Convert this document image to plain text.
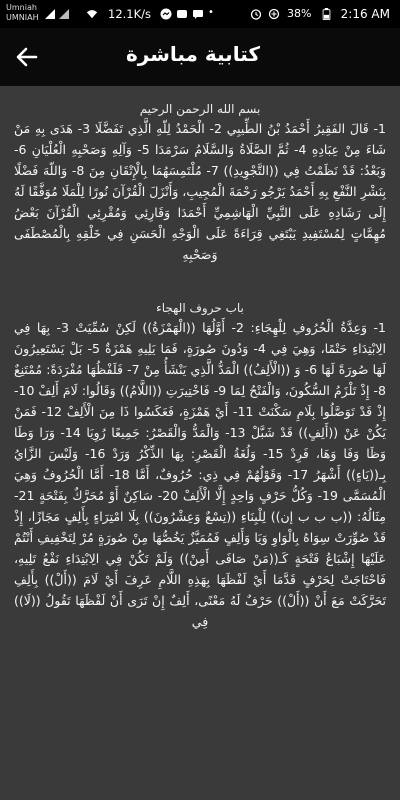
Umniah
UMNIAH	12.1K/s	•	38% 2:16 AM
كتابية مباشرة
بسم الله الرحمن الرحيم
1- قَالَ الفَقِيرُ أَحْمَدُ بْنُ الطِّيبِي 2- الْحَمْدُ لِلّهِ الَّذِي تَفَضَّلَا 3- هَدَى بِهِ مَنْ شَاءَ مِنْ عِبَادِهِ 4- ثُمَّ الصَّلَاةُ وَالسَّلَامُ سَرْمَدَا 5- وَآلِهِ وَصَحْبِهِ الْعُلْيَانِ 6- وَبَعْدُ: قَدْ نَظَمْتُ فِي ((التَّجْوِيدِ)) 7- مُلْتَمِسَهُمَا بِالْإِتْقَانِ مِنَ 8- وَاللّهَ فَضْلًا بِنَشْرِ النَّفْعِ بِهِ أَحْمَدُ يَرْجُو رَحْمَةَ الْمُجِيبِ، وَأَنْزَلَ الْقُرْآنَ نُورًا لِلْمَلَا مُوَفَّقًا لَهُ إِلَى رَشَادِهِ عَلَى النَّبِيِّ الْهَاشِمِيِّ أَحْمَدَا وَقَارِئِي وَمُقْرِئِي الْقُرْآنَ بَعْضُ مُهِمَّاتٍ لِمُسْتَفِيدِ يَبْتَغِي قِرَاءَةً عَلَى الْوَجْهِ الْحَسَنِ فِي خَلْقِهِ بِالْمُصْطَفَى وَصَحْبِهِ
باب حروف الهجاء
1- وَعِدَّةُ الْحُرُوفِ لِلْهِجَاءِ: 2- أَوَّلُهَا ((الْهَمْزَةُ)) لَكِنْ سُمِّيَتْ 3- بِهَا فِي الِابْتِدَاءِ حَتْمًا، وَهِيَ فِي 4- وَدُونَ صُورَةٍ، فَمَا يَلِيهِ هَمْزَةٌ 5- بَلْ يَسْتَعِيرُونَ لَهَا صُورَةً لَهَا 6- وَ ((الْأَلِفُ)) الْمَدُّ الَّذِي يَنْشَأُ مِنْ 7- فَلَفْظُهَا مُفْرَدَةً: مُمْتَنِعٌ 8- إِذْ تَلْزَمُ السُّكُونَ، وَالْفَتْحُ لِمَا 9- فَاخْتِيرَتِ ((اللَّامُ)) وَقَالُوا: لَامَ أَلِفْ 10- إِذْ قَدْ تَوَصَّلُوا بِلَامِ سَكْنَتْ 11- أَيْ هَمْزَةٍ، فَعَكَسُوا ذَا مِنَ الْأَلِفْ 12- فَمَنْ يَكُنْ عَنْ ((أَلِفٍ)) قَدْ شَبَّلْ 13- وَالْمَدُّ وَالْقَصْرُ: جَمِيعًا رُوِيَا 14- وَرَا وَطَا وَظَا وَفَا وَهَا، فَرِدْ 15- وَلُغَةُ الْقَصْرِ: بِهَا الذِّكْرُ وَرَدْ 16- وَلَيْسَ الزَّايُ بِـ((يَاءٍ)) أَشْهَرُ 17- وَقَوْلُهُمْ فِي ذِي: حُرُوفٌ، أَمَّا 18- أَمَّا الْحُرُوفُ وَهِيَ الْمُسَمَّى 19- وَكُلُّ حَرْفٍ وَاحِدٍ إِلَّا الْأَلِفْ 20- سَاكِنٌ أَوْ مُحَرَّكٌ بِفَتْحَةٍ 21- مِثَالُهُ: ((ب ب ب إن)) لِلْبِنَاءِ ((تِسْعٌ وَعِشْرُونَ)) بِلَا امْتِرَاءٍ بِأَلِفٍ مَجَازًا، إِذْ قَدْ صُوِّرَتْ سِوَاهُ بِالْوَاوِ وَيَا وَأَلِفٍ فَمُمَيَّزٌ يَخُصُّهَا مِنْ صُورَةٍ مُرْ لِتَخْفِيفِ أَنْتُمْ عَلَيْهَا إِشْبَاعُ فَتْحَةٍ كَـ((مَنْ صَافَى أَمِنْ)) وَلَمْ تَكُنْ فِي الِابْتِدَاءِ نَفْعُ تَلِيهِ، فَاحْتَاجَتْ لِحَرْفٍ قَدَّمَا أَيْ لَفْظَهَا بِهَذِهِ اللَّامِ عَرِفَ أَيْ لَامَ ((أَلْ)) بِأَلِفِ تَحَرَّكَتْ مَعَ أَنْ ((أَلْ)) حَرْفٌ لَهُ مَعْنًى، أَلِفٌ إِنْ تَرَى أَنْ لَفْظَهَا تَقُولُ ((لَا)) فِي
